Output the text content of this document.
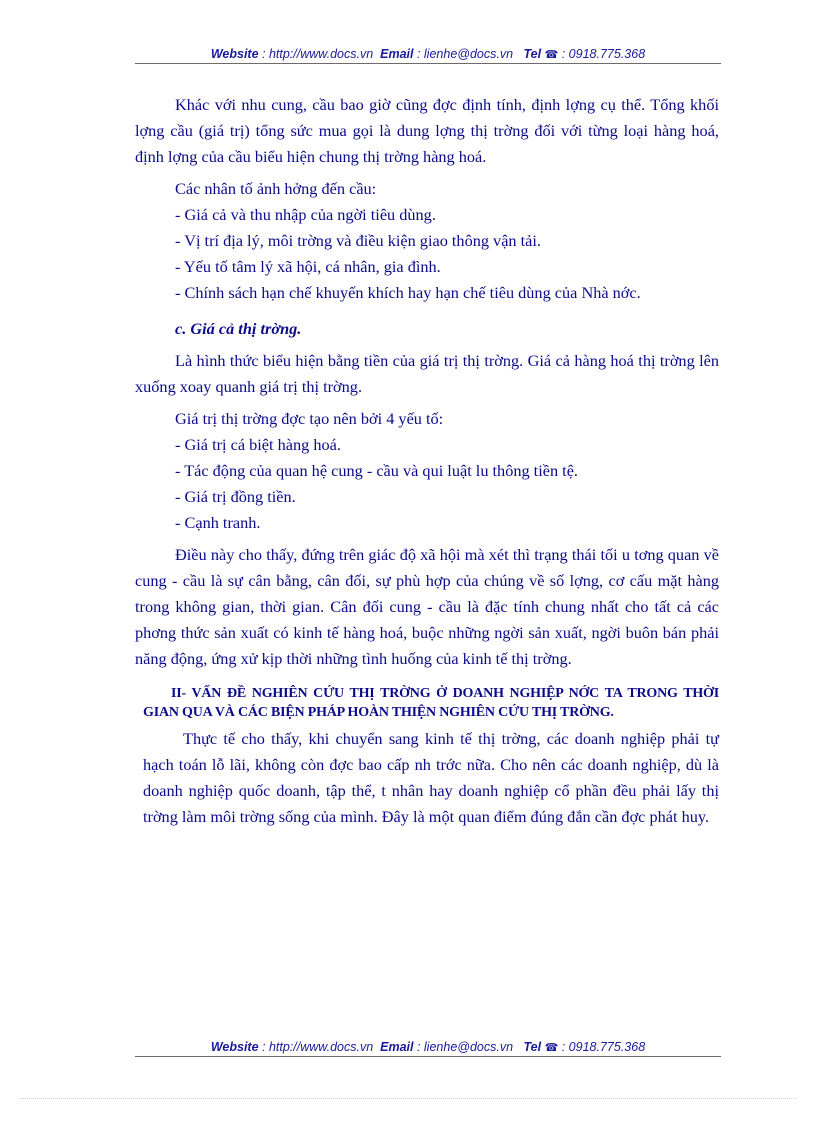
Website : http://www.docs.vn Email : lienhe@docs.vn Tel ☎ : 0918.775.368

Khác với nhu cung, cầu bao giờ cũng đợc định tính, định lợng cụ thể. Tổng khối lợng cầu (giá trị) tổng sức mua gọi là dung lợng thị trờng đối với từng loại hàng hoá, định lợng của cầu biểu hiện chung thị trờng hàng hoá.

Các nhân tố ảnh hởng đến cầu:

- Giá cả và thu nhập của ngời tiêu dùng.

- Vị trí địa lý, môi trờng và điều kiện giao thông vận tải.

- Yếu tố tâm lý xã hội, cá nhân, gia đình.

- Chính sách hạn chế khuyến khích hay hạn chế tiêu dùng của Nhà nớc.

c. Giá cả thị trờng.

Là hình thức biểu hiện bằng tiền của giá trị thị trờng. Giá cả hàng hoá thị trờng lên xuống xoay quanh giá trị thị trờng.

Giá trị thị trờng đợc tạo nên bởi 4 yếu tố:

- Giá trị cá biệt hàng hoá.

- Tác động của quan hệ cung - cầu và qui luật lu thông tiền tệ.

- Giá trị đồng tiền.

- Cạnh tranh.

Điều này cho thấy, đứng trên giác độ xã hội mà xét thì trạng thái tối u tơng quan về cung - cầu là sự cân bằng, cân đối, sự phù hợp của chúng về số lợng, cơ cấu mặt hàng trong không gian, thời gian. Cân đối cung - cầu là đặc tính chung nhất cho tất cả các phơng thức sản xuất có kinh tế hàng hoá, buộc những ngời sản xuất, ngời buôn bán phải năng động, ứng xử kịp thời những tình huống của kinh tế thị trờng.

II- VẤN ĐỀ NGHIÊN CỨU THỊ TRỜNG Ở DOANH NGHIỆP NỚC TA TRONG THỜI GIAN QUA VÀ CÁC BIỆN PHÁP HOÀN THIỆN NGHIÊN CỨU THỊ TRỜNG.

Thực tế cho thấy, khi chuyển sang kinh tế thị trờng, các doanh nghiệp phải tự hạch toán lỗ lãi, không còn đợc bao cấp nh trớc nữa. Cho nên các doanh nghiệp, dù là doanh nghiệp quốc doanh, tập thể, t nhân hay doanh nghiệp cổ phần đều phải lấy thị trờng làm môi trờng sống của mình. Đây là một quan điểm đúng đắn cần đợc phát huy.

Website : http://www.docs.vn Email : lienhe@docs.vn Tel ☎ : 0918.775.368
